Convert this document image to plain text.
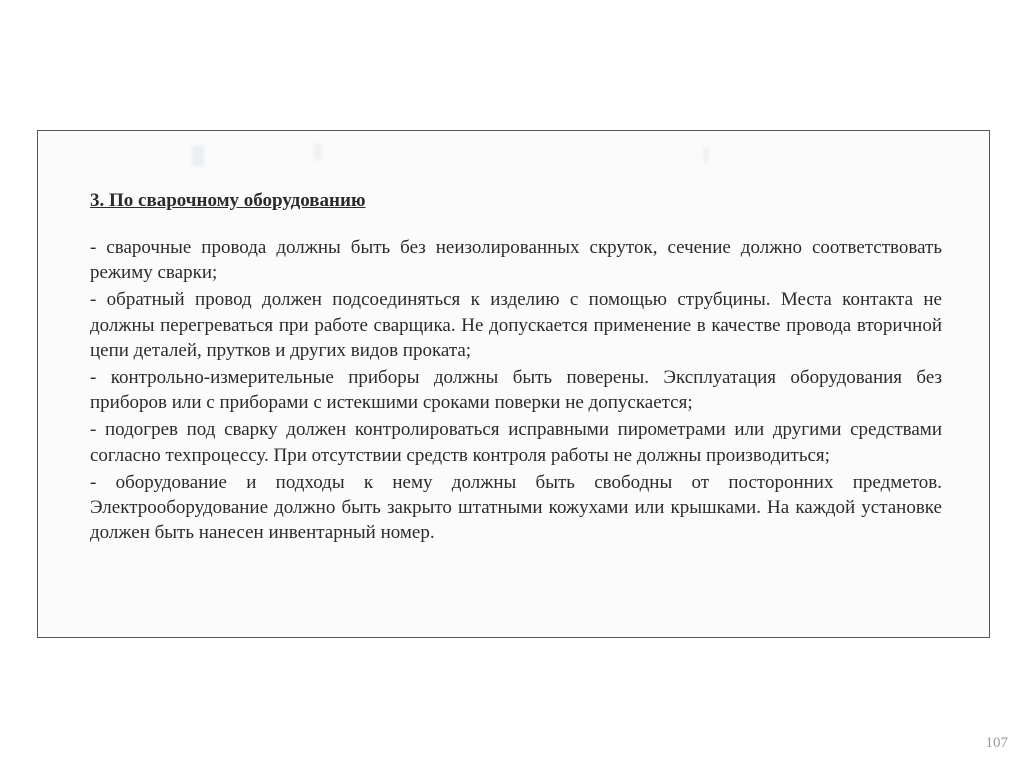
3. По сварочному оборудованию

- сварочные провода должны быть без неизолированных скруток, сечение должно соответствовать режиму сварки;

- обратный провод должен подсоединяться к изделию с помощью струбцины. Места контакта не должны перегреваться при работе сварщика. Не допускается применение в качестве провода вторичной цепи деталей, прутков и других видов проката;

- контрольно-измерительные приборы должны быть поверены. Эксплуатация оборудования без приборов или с приборами с истекшими сроками поверки не допускается;

- подогрев под сварку должен контролироваться исправными пирометрами или другими средствами согласно техпроцессу. При отсутствии средств контроля работы не должны производиться;

- оборудование и подходы к нему должны быть свободны от посторонних предметов. Электрооборудование должно быть закрыто штатными кожухами или крышками. На каждой установке должен быть нанесен инвентарный номер.

107
